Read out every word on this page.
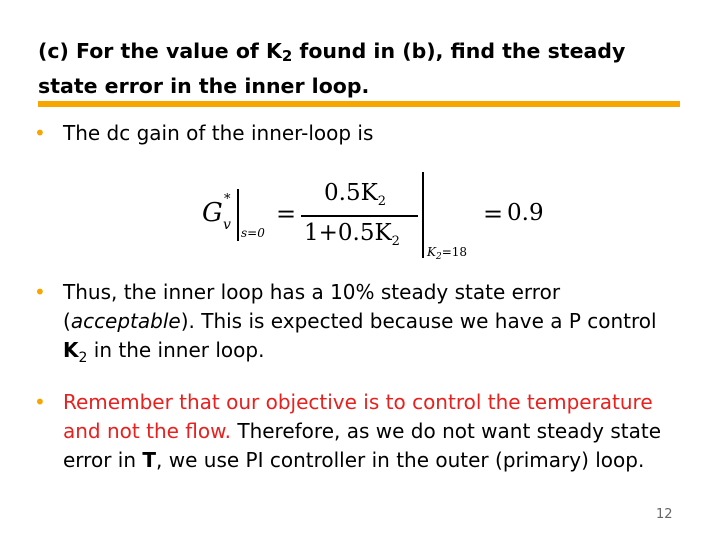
(c) For the value of $K_2$ found in (b), find the steady state error in the inner loop.
• The dc gain of the inner-loop is
G *
v s=0
=
$0.5K_2$
$1+0.5K_2$
$K_2=18$
= 0.9
• Thus, the inner loop has a 10% steady state error (acceptable). This is expected because we have a P control $K_2$ in the inner loop.
• Remember that our objective is to control the temperature and not the flow. Therefore, as we do not want steady state error in T, we use PI controller in the outer (primary) loop.
12
